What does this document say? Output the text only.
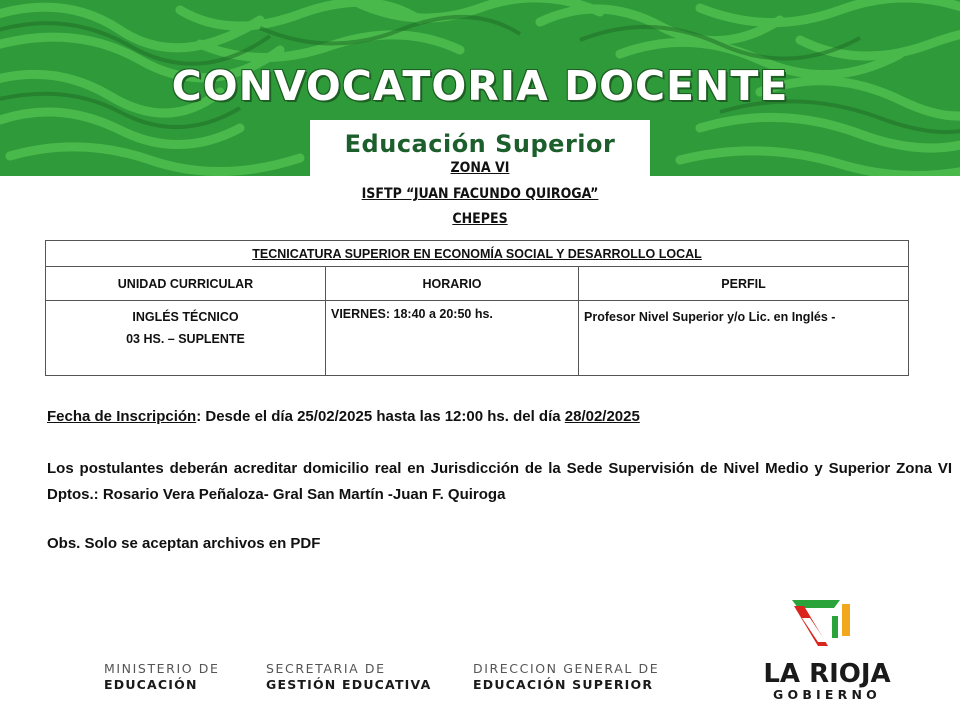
CONVOCATORIA DOCENTE
Educación Superior
ZONA VI
ISFTP “JUAN FACUNDO QUIROGA”
CHEPES
TECNICATURA SUPERIOR EN ECONOMÍA SOCIAL Y DESARROLLO LOCAL		
UNIDAD CURRICULAR	HORARIO	PERFIL

INGLÉS TÉCNICO
03 HS. – SUPLENTE	VIERNES: 18:40 a 20:50 hs.	Profesor Nivel Superior y/o Lic. en Inglés -
Fecha de Inscripción: Desde el día 25/02/2025 hasta las 12:00 hs. del día 28/02/2025
Los postulantes deberán acreditar domicilio real en Jurisdicción de la Sede Supervisión de Nivel Medio y Superior Zona VI Dptos.: Rosario Vera Peñaloza- Gral San Martín -Juan F. Quiroga
Obs. Solo se aceptan archivos en PDF
MINISTERIO DE
EDUCACIÓN
SECRETARIA DE
GESTIÓN EDUCATIVA
DIRECCION GENERAL DE
EDUCACIÓN SUPERIOR	LA RIOJA
GOBIERNO
